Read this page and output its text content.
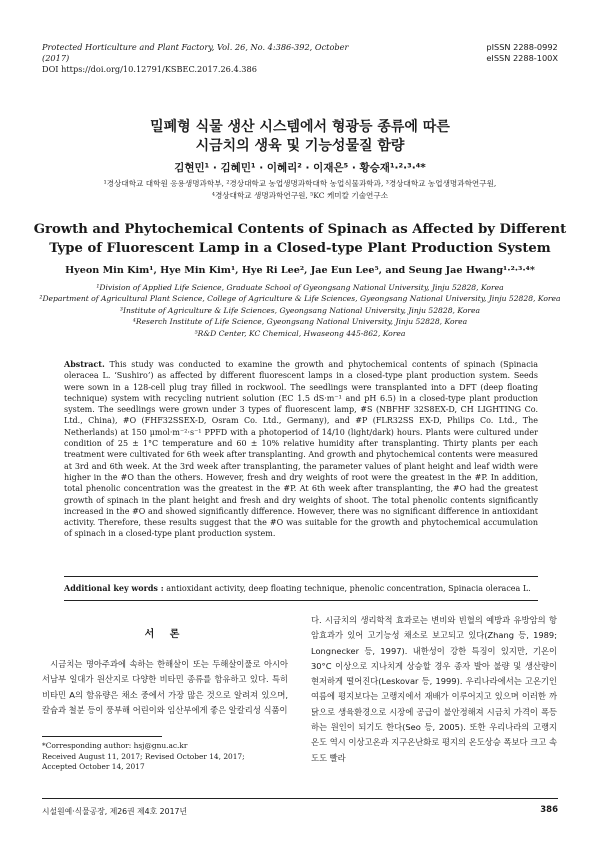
Protected Horticulture and Plant Factory, Vol. 26, No. 4:386-392, October (2017)
DOI https://doi.org/10.12791/KSBEC.2017.26.4.386
pISSN 2288-0992
eISSN 2288-100X
밀폐형 식물 생산 시스템에서 형광등 종류에 따른
시금치의 생육 및 기능성물질 함량
김현민¹ · 김혜민¹ · 이혜리² · 이재은⁵ · 황승재¹·²·³·⁴*
¹경상대학교 대학원 응용생명과학부, ²경상대학교 농업생명과학대학 농업식물과학과, ³경상대학교 농업생명과학연구원,
⁴경상대학교 생명과학연구원, ⁵KC 케미칼 기술연구소
Growth and Phytochemical Contents of Spinach as Affected by Different
Type of Fluorescent Lamp in a Closed-type Plant Production System
Hyeon Min Kim¹, Hye Min Kim¹, Hye Ri Lee², Jae Eun Lee⁵, and Seung Jae Hwang¹·²·³·⁴*
¹Division of Applied Life Science, Graduate School of Gyeongsang National University, Jinju 52828, Korea
²Department of Agricultural Plant Science, College of Agriculture & Life Sciences, Gyeongsang National University, Jinju 52828, Korea
³Institute of Agriculture & Life Sciences, Gyeongsang National University, Jinju 52828, Korea
⁴Reserch Institute of Life Science, Gyeongsang National University, Jinju 52828, Korea
⁵R&D Center, KC Chemical, Hwaseong 445-862, Korea

Abstract. This study was conducted to examine the growth and phytochemical contents of spinach (Spinacia oleracea L. ‘Sushiro’) as affected by different fluorescent lamps in a closed-type plant production system. Seeds were sown in a 128-cell plug tray filled in rockwool. The seedlings were transplanted into a DFT (deep floating technique) system with recycling nutrient solution (EC 1.5 dS·m⁻¹ and pH 6.5) in a closed-type plant production system. The seedlings were grown under 3 types of fluorescent lamp, #S (NBFHF 32S8EX-D, CH LIGHTING Co. Ltd., China), #O (FHF32SSEX-D, Osram Co. Ltd., Germany), and #P (FLR32SS EX-D, Philips Co. Ltd., The Netherlands) at 150 μmol·m⁻²·s⁻¹ PPFD with a photoperiod of 14/10 (light/dark) hours. Plants were cultured under condition of 25 ± 1°C temperature and 60 ± 10% relative humidity after transplanting. Thirty plants per each treatment were cultivated for 6th week after transplanting. And growth and phytochemical contents were measured at 3rd and 6th week. At the 3rd week after transplanting, the parameter values of plant height and leaf width were higher in the #O than the others. However, fresh and dry weights of root were the greatest in the #P. In addition, total phenolic concentration was the greatest in the #P. At 6th week after transplanting, the #O had the greatest growth of spinach in the plant height and fresh and dry weights of shoot. The total phenolic contents significantly increased in the #O and showed significantly difference. However, there was no significant difference in antioxidant activity. Therefore, these results suggest that the #O was suitable for the growth and phytochemical accumulation of spinach in a closed-type plant production system.

Additional key words : antioxidant activity, deep floating technique, phenolic concentration, Spinacia oleracea L.
서 론

시금치는 명아주과에 속하는 한해살이 또는 두해살이풀로 아시아 서남부 일대가 원산지로 다양한 비타민 종류를 함유하고 있다. 특히 비타민 A의 함유량은 채소 중에서 가장 많은 것으로 알려져 있으며, 칼슘과 철분 등이 풍부해 어린이와 임산부에게 좋은 알칼리성 식품이

다. 시금치의 생리학적 효과로는 변비와 빈혈의 예방과 유방암의 항암효과가 있어 고기능성 채소로 보고되고 있다(Zhang 등, 1989; Longnecker 등, 1997). 내한성이 강한 특징이 있지만, 기온이 30°C 이상으로 지나치게 상승할 경우 종자 발아 불량 및 생산량이 현저하게 떨어진다(Leskovar 등, 1999). 우리나라에서는 고온기인 여름에 평지보다는 고랭지에서 재배가 이루어지고 있으며 이러한 까닭으로 생육환경으로 시장에 공급이 불안정해져 시금치 가격이 폭등하는 원인이 되기도 한다(Seo 등, 2005). 또한 우리나라의 고랭지 온도 역시 이상고온과 지구온난화로 평지의 온도상승 폭보다 크고 속도도 빨라

*Corresponding author: hsj@gnu.ac.kr
Received August 11, 2017; Revised October 14, 2017;
Accepted October 14, 2017
시설원예·식물공장, 제26권 제4호 2017년	386
